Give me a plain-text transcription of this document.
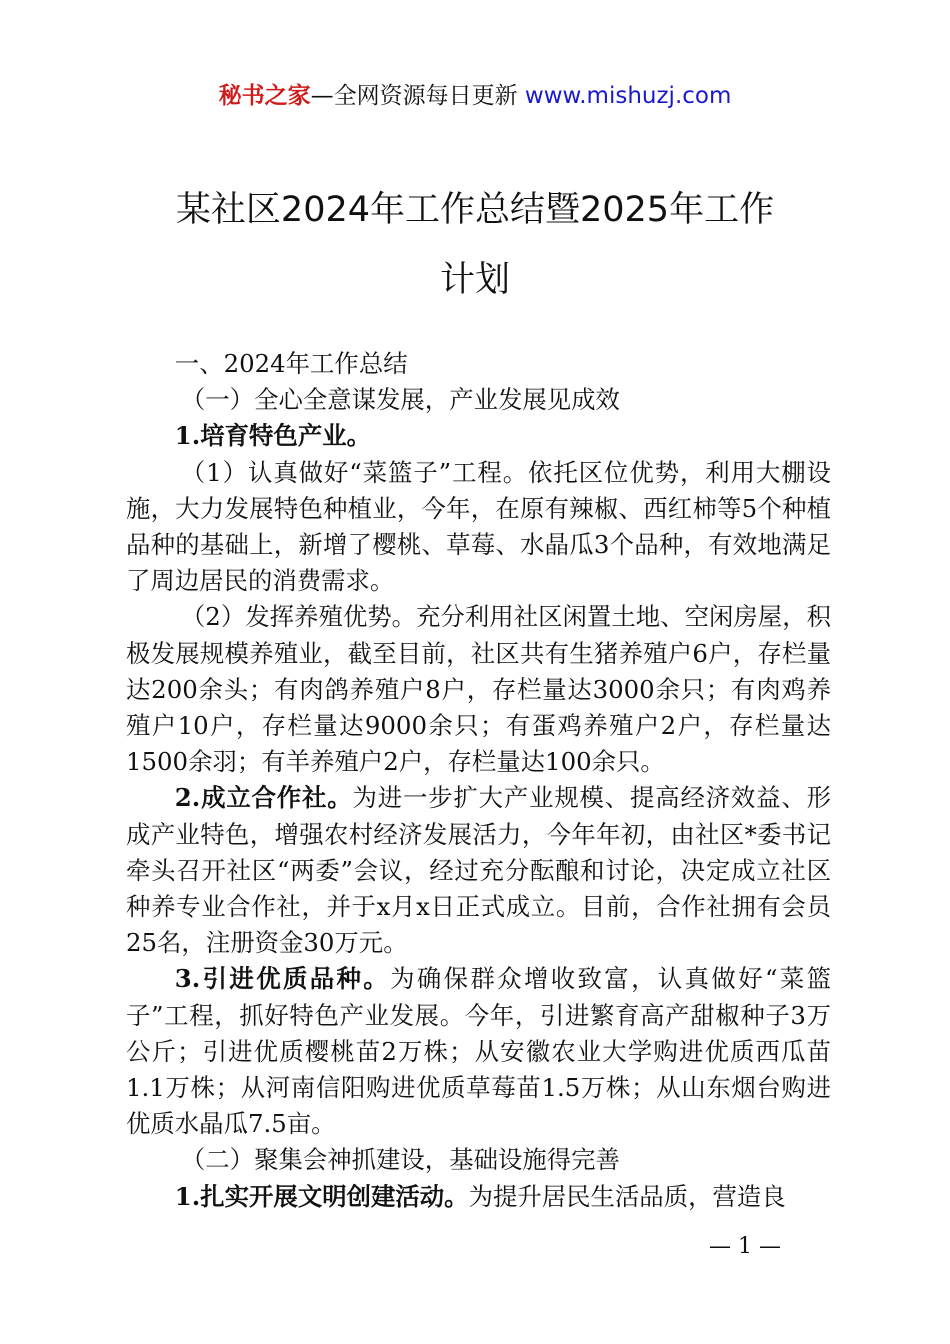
秘书之家—全网资源每日更新 www.mishuzj.com
某社区2024年工作总结暨2025年工作
计划

一、2024年工作总结

（一）全心全意谋发展，产业发展见成效

1.培育特色产业。

（1）认真做好“菜篮子”工程。依托区位优势，利用大棚设施，大力发展特色种植业，今年，在原有辣椒、西红柿等5个种植品种的基础上，新增了樱桃、草莓、水晶瓜3个品种，有效地满足了周边居民的消费需求。

（2）发挥养殖优势。充分利用社区闲置土地、空闲房屋，积极发展规模养殖业，截至目前，社区共有生猪养殖户6户，存栏量达200余头；有肉鸽养殖户8户，存栏量达3000余只；有肉鸡养殖户10户，存栏量达9000余只；有蛋鸡养殖户2户，存栏量达1500余羽；有羊养殖户2户，存栏量达100余只。

2.成立合作社。为进一步扩大产业规模、提高经济效益、形成产业特色，增强农村经济发展活力，今年年初，由社区*委书记牵头召开社区“两委”会议，经过充分酝酿和讨论，决定成立社区种养专业合作社，并于x月x日正式成立。目前，合作社拥有会员25名，注册资金30万元。

3.引进优质品种。为确保群众增收致富，认真做好“菜篮子”工程，抓好特色产业发展。今年，引进繁育高产甜椒种子3万公斤；引进优质樱桃苗2万株；从安徽农业大学购进优质西瓜苗1.1万株；从河南信阳购进优质草莓苗1.5万株；从山东烟台购进优质水晶瓜7.5亩。

（二）聚集会神抓建设，基础设施得完善

1.扎实开展文明创建活动。为提升居民生活品质，营造良

— 1 —
